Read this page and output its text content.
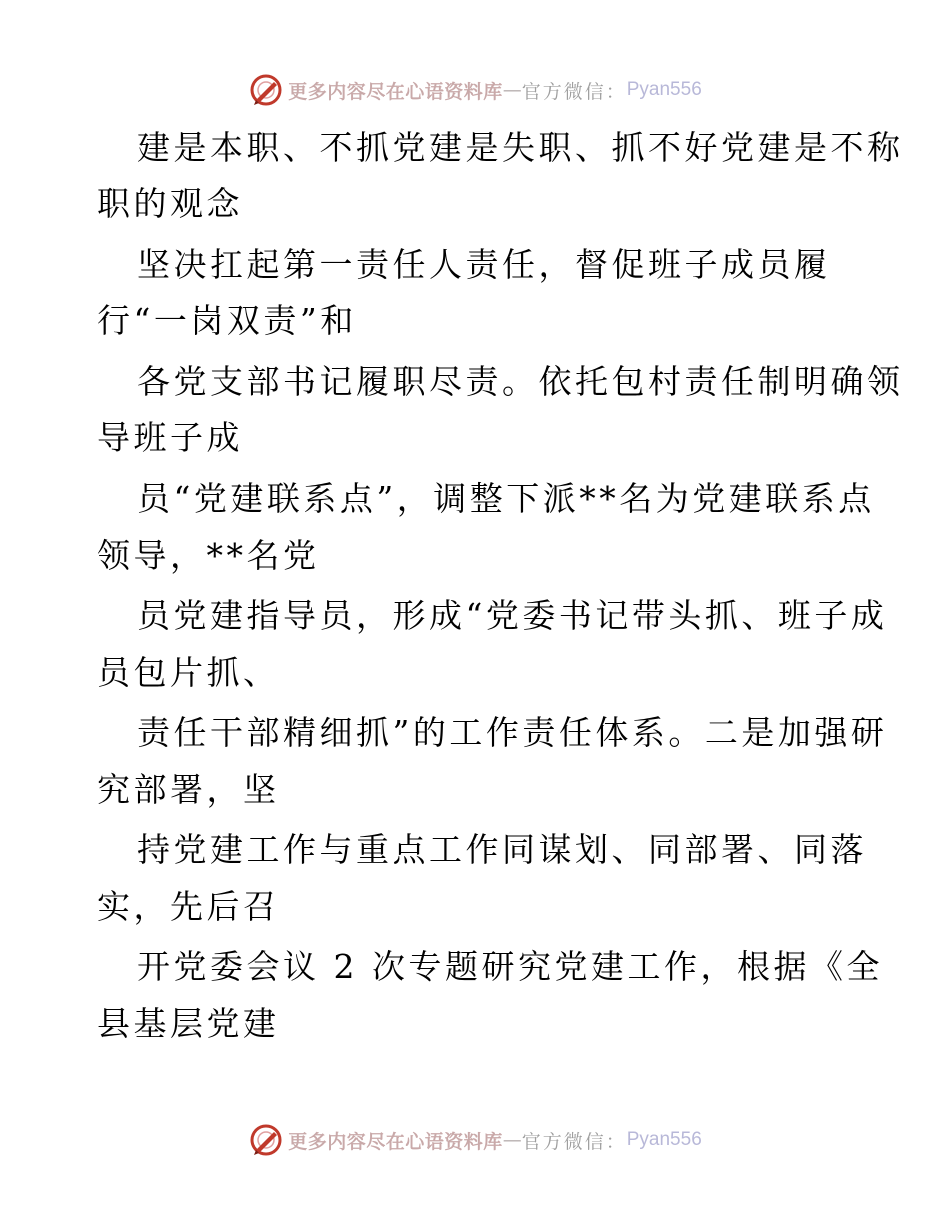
更多内容尽在心语资料库 — 官方微信： Pyan556
建是本职、不抓党建是失职、抓不好党建是不称
职的观念
坚决扛起第一责任人责任，督促班子成员履
行“一岗双责”和
各党支部书记履职尽责。依托包村责任制明确领
导班子成
员“党建联系点”，调整下派**名为党建联系点
领导，**名党
员党建指导员，形成“党委书记带头抓、班子成
员包片抓、
责任干部精细抓”的工作责任体系。二是加强研
究部署，坚
持党建工作与重点工作同谋划、同部署、同落
实，先后召
开党委会议 2 次专题研究党建工作，根据《全
县基层党建
更多内容尽在心语资料库 — 官方微信： Pyan556
